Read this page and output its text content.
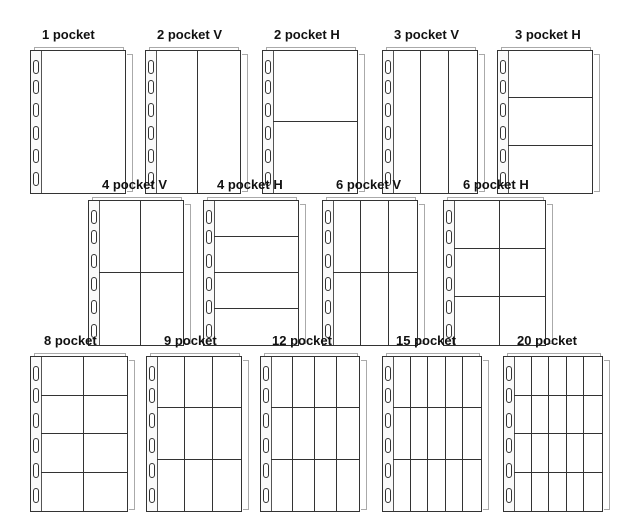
1 pocket	2 pocket V	2 pocket H	3 pocket V	3 pocket H
4 pocket V	4 pocket H	6 pocket V	6 pocket H
8 pocket	9 pocket	12 pocket	15 pocket	20 pocket
